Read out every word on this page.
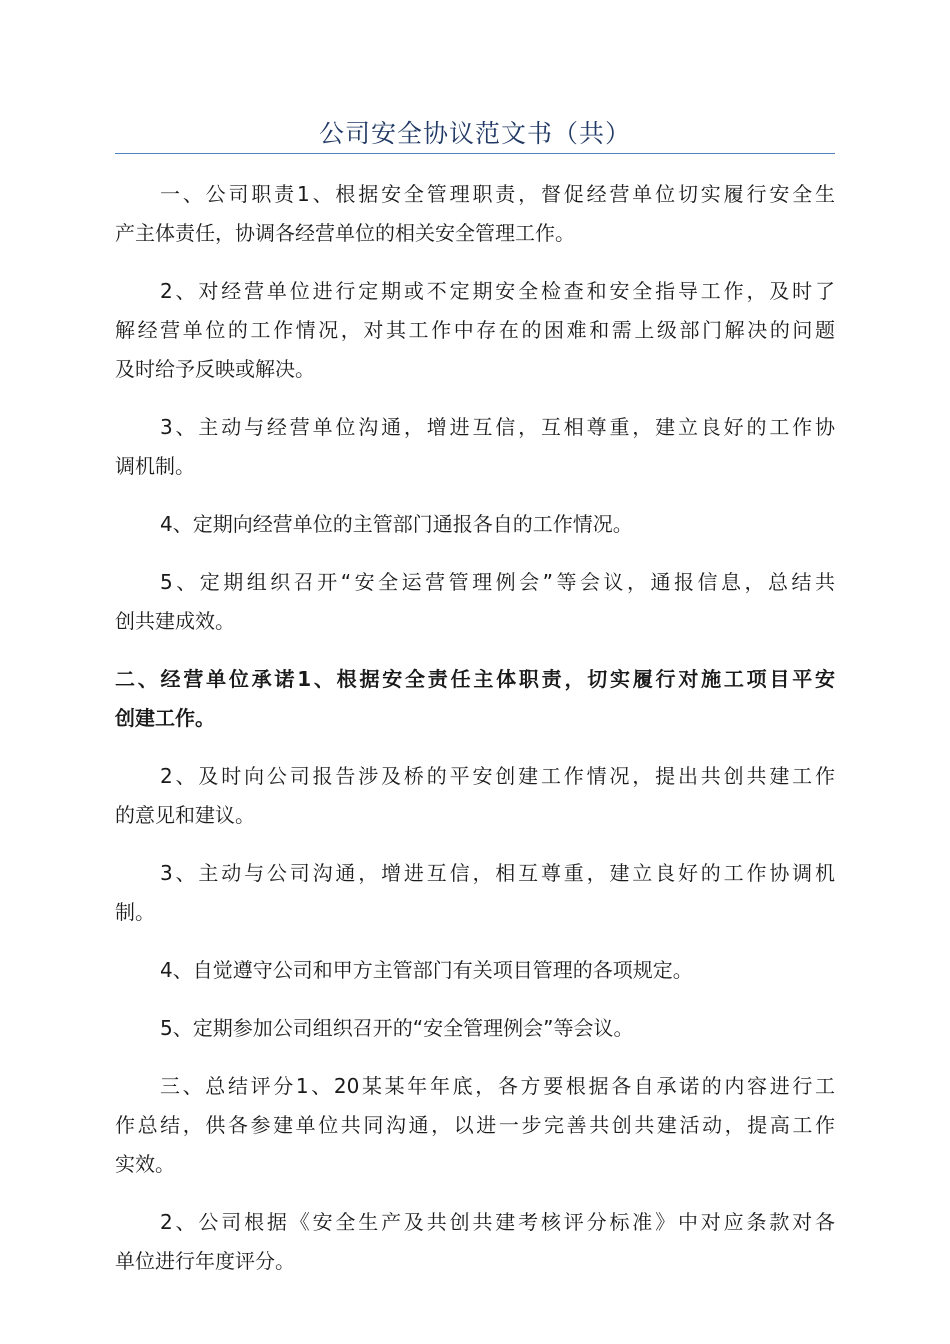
公司安全协议范文书（共）
一、公司职责1、根据安全管理职责，督促经营单位切实履行安全生
产主体责任，协调各经营单位的相关安全管理工作。
2、对经营单位进行定期或不定期安全检查和安全指导工作，及时了
解经营单位的工作情况，对其工作中存在的困难和需上级部门解决的问题
及时给予反映或解决。
3、主动与经营单位沟通，增进互信，互相尊重，建立良好的工作协
调机制。
4、定期向经营单位的主管部门通报各自的工作情况。
5、定期组织召开“安全运营管理例会”等会议，通报信息，总结共
创共建成效。
二、经营单位承诺1、根据安全责任主体职责，切实履行对施工项目平安
创建工作。
2、及时向公司报告涉及桥的平安创建工作情况，提出共创共建工作
的意见和建议。
3、主动与公司沟通，增进互信，相互尊重，建立良好的工作协调机
制。
4、自觉遵守公司和甲方主管部门有关项目管理的各项规定。
5、定期参加公司组织召开的“安全管理例会”等会议。
三、总结评分1、20某某年年底，各方要根据各自承诺的内容进行工
作总结，供各参建单位共同沟通，以进一步完善共创共建活动，提高工作
实效。
2、公司根据《安全生产及共创共建考核评分标准》中对应条款对各
单位进行年度评分。
